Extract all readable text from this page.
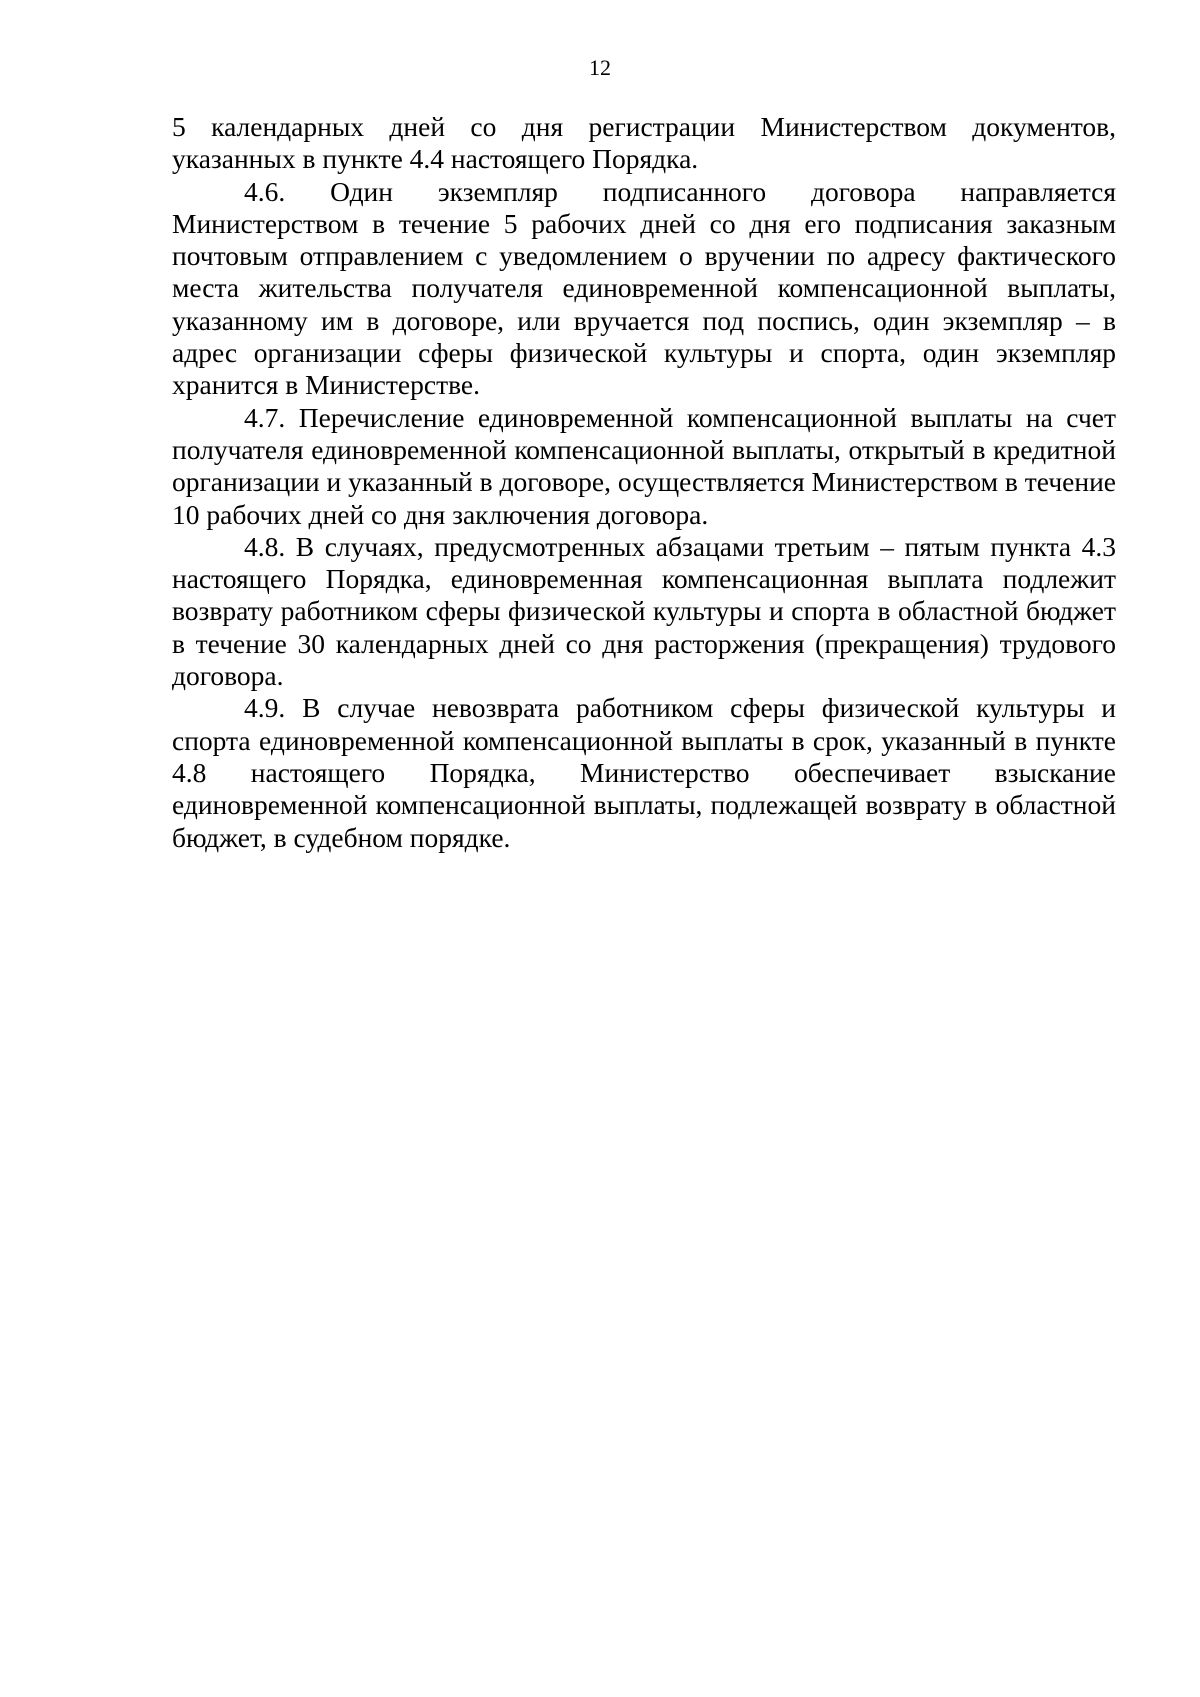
12

5 календарных дней со дня регистрации Министерством документов, указанных в пункте 4.4 настоящего Порядка.

4.6. Один экземпляр подписанного договора направляется Министерством в течение 5 рабочих дней со дня его подписания заказным почтовым отправлением с уведомлением о вручении по адресу фактического места жительства получателя единовременной компенсационной выплаты, указанному им в договоре, или вручается под поспись, один экземпляр – в адрес организации сферы физической культуры и спорта, один экземпляр хранится в Министерстве.

4.7. Перечисление единовременной компенсационной выплаты на счет получателя единовременной компенсационной выплаты, открытый в кредитной организации и указанный в договоре, осуществляется Министерством в течение 10 рабочих дней со дня заключения договора.

4.8. В случаях, предусмотренных абзацами третьим – пятым пункта 4.3 настоящего Порядка, единовременная компенсационная выплата подлежит возврату работником сферы физической культуры и спорта в областной бюджет в течение 30 календарных дней со дня расторжения (прекращения) трудового договора.

4.9. В случае невозврата работником сферы физической культуры и спорта единовременной компенсационной выплаты в срок, указанный в пункте 4.8 настоящего Порядка, Министерство обеспечивает взыскание единовременной компенсационной выплаты, подлежащей возврату в областной бюджет, в судебном порядке.
